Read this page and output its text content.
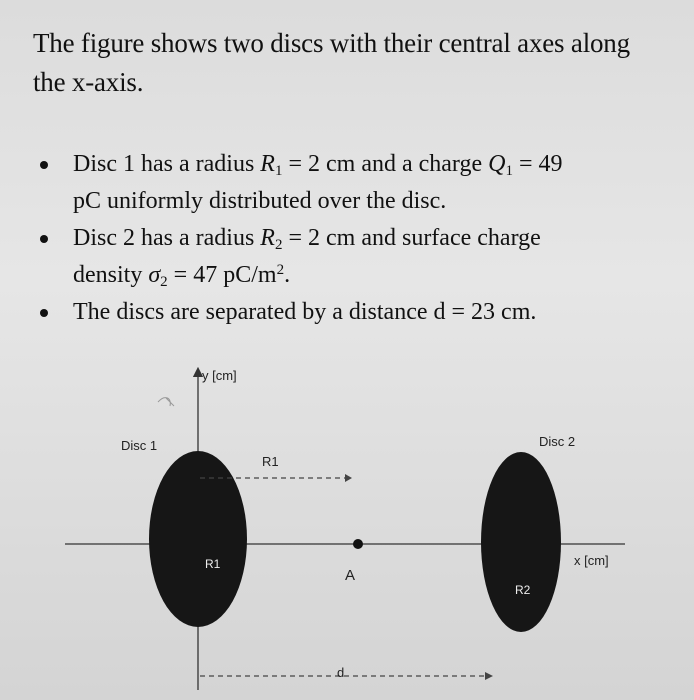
The figure shows two discs with their central axes along
the x-axis.
Disc 1 has a radius $R_1 = 2$ cm and a charge $Q_1 = 49$
pC uniformly distributed over the disc.
Disc 2 has a radius $R_2 = 2$ cm and surface charge
density $\sigma_2 = 47$ $pC/m^2$.
The discs are separated by a distance d = 23 cm.
y [cm]
Disc 1	Disc 2
R1
R1
R2
A
x [cm]
d
